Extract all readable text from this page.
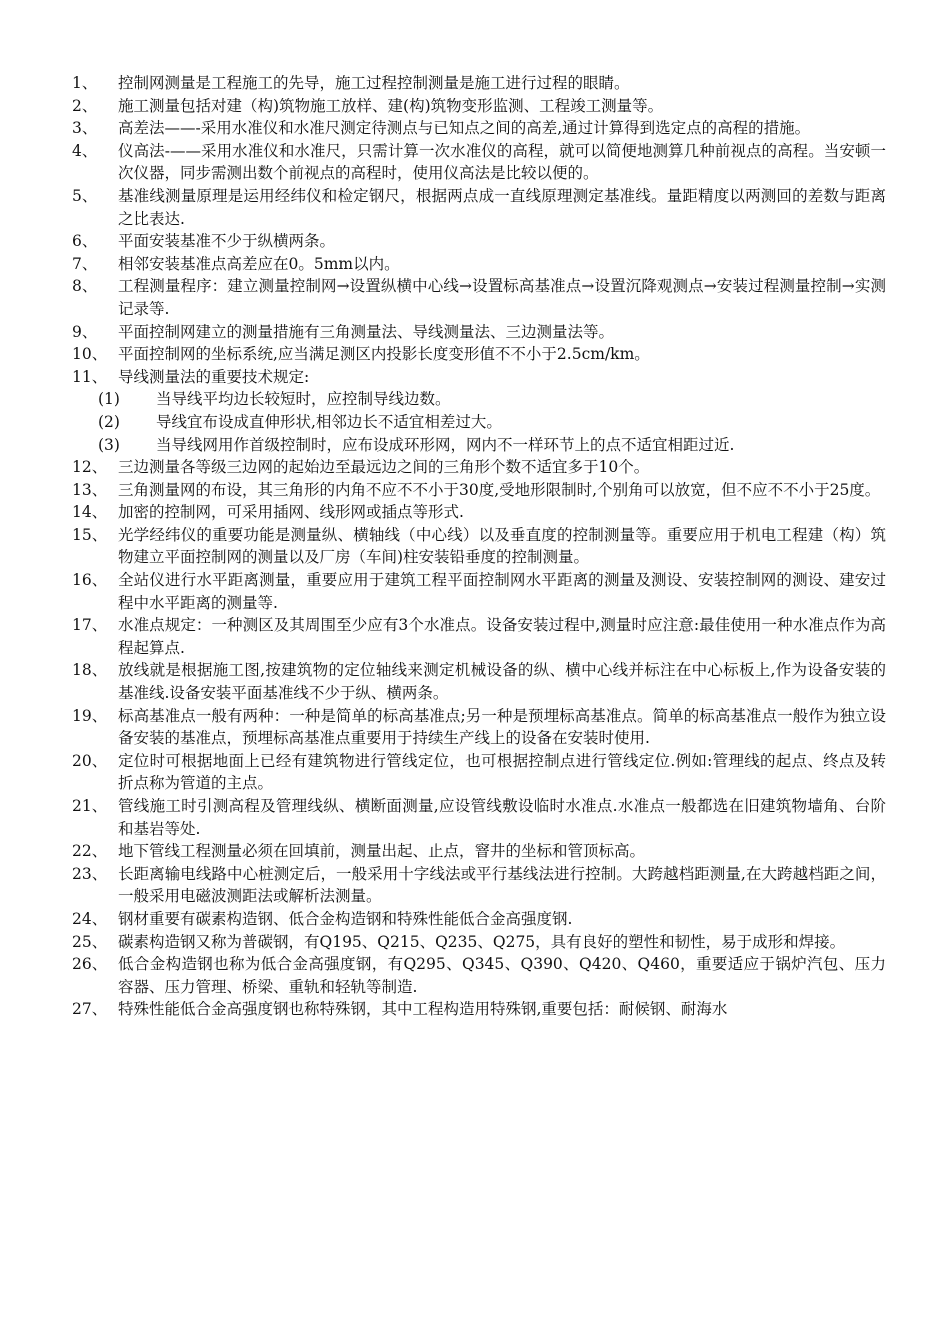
1、	控制网测量是工程施工的先导，施工过程控制测量是施工进行过程的眼睛。
2、	施工测量包括对建（构)筑物施工放样、建(构)筑物变形监测、工程竣工测量等。
3、	高差法——-采用水准仪和水准尺测定待测点与已知点之间的高差,通过计算得到选定点的高程的措施。
4、	仪高法-——采用水准仪和水准尺，只需计算一次水准仪的高程，就可以简便地测算几种前视点的高程。当安顿一次仪器，同步需测出数个前视点的高程时，使用仪高法是比较以便的。
5、	基准线测量原理是运用经纬仪和检定钢尺，根据两点成一直线原理测定基准线。量距精度以两测回的差数与距离之比表达.
6、	平面安装基准不少于纵横两条。
7、	相邻安装基准点高差应在0。5mm以内。
8、	工程测量程序：建立测量控制网→设置纵横中心线→设置标高基准点→设置沉降观测点→安装过程测量控制→实测记录等.
9、	平面控制网建立的测量措施有三角测量法、导线测量法、三边测量法等。
10、 平面控制网的坐标系统,应当满足测区内投影长度变形值不不小于2.5cm/km。
11、 导线测量法的重要技术规定:
(1)	当导线平均边长较短时，应控制导线边数。
(2)	导线宜布设成直伸形状,相邻边长不适宜相差过大。
(3)	当导线网用作首级控制时，应布设成环形网，网内不一样环节上的点不适宜相距过近.
12、 三边测量各等级三边网的起始边至最远边之间的三角形个数不适宜多于10个。
13、 三角测量网的布设，其三角形的内角不应不不小于30度,受地形限制时,个别角可以放宽，但不应不不小于25度。
14、 加密的控制网，可采用插网、线形网或插点等形式.
15、 光学经纬仪的重要功能是测量纵、横轴线（中心线）以及垂直度的控制测量等。重要应用于机电工程建（构）筑物建立平面控制网的测量以及厂房（车间)柱安装铅垂度的控制测量。
16、 全站仪进行水平距离测量，重要应用于建筑工程平面控制网水平距离的测量及测设、安装控制网的测设、建安过程中水平距离的测量等.
17、 水准点规定：一种测区及其周围至少应有3个水准点。设备安装过程中,测量时应注意:最佳使用一种水准点作为高程起算点.
18、 放线就是根据施工图,按建筑物的定位轴线来测定机械设备的纵、横中心线并标注在中心标板上,作为设备安装的基准线.设备安装平面基准线不少于纵、横两条。
19、 标高基准点一般有两种：一种是简单的标高基准点;另一种是预埋标高基准点。简单的标高基准点一般作为独立设备安装的基准点，预埋标高基准点重要用于持续生产线上的设备在安装时使用.
20、 定位时可根据地面上已经有建筑物进行管线定位，也可根据控制点进行管线定位.例如:管理线的起点、终点及转折点称为管道的主点。
21、 管线施工时引测高程及管理线纵、横断面测量,应设管线敷设临时水准点.水准点一般都选在旧建筑物墙角、台阶和基岩等处.
22、 地下管线工程测量必须在回填前，测量出起、止点，窨井的坐标和管顶标高。
23、 长距离输电线路中心桩测定后，一般采用十字线法或平行基线法进行控制。大跨越档距测量,在大跨越档距之间，一般采用电磁波测距法或解析法测量。
24、 钢材重要有碳素构造钢、低合金构造钢和特殊性能低合金高强度钢.
25、 碳素构造钢又称为普碳钢，有Q195、Q215、Q235、Q275，具有良好的塑性和韧性，易于成形和焊接。
26、 低合金构造钢也称为低合金高强度钢，有Q295、Q345、Q390、Q420、Q460，重要适应于锅炉汽包、压力容器、压力管理、桥梁、重轨和轻轨等制造.
27、 特殊性能低合金高强度钢也称特殊钢，其中工程构造用特殊钢,重要包括：耐候钢、耐海水
